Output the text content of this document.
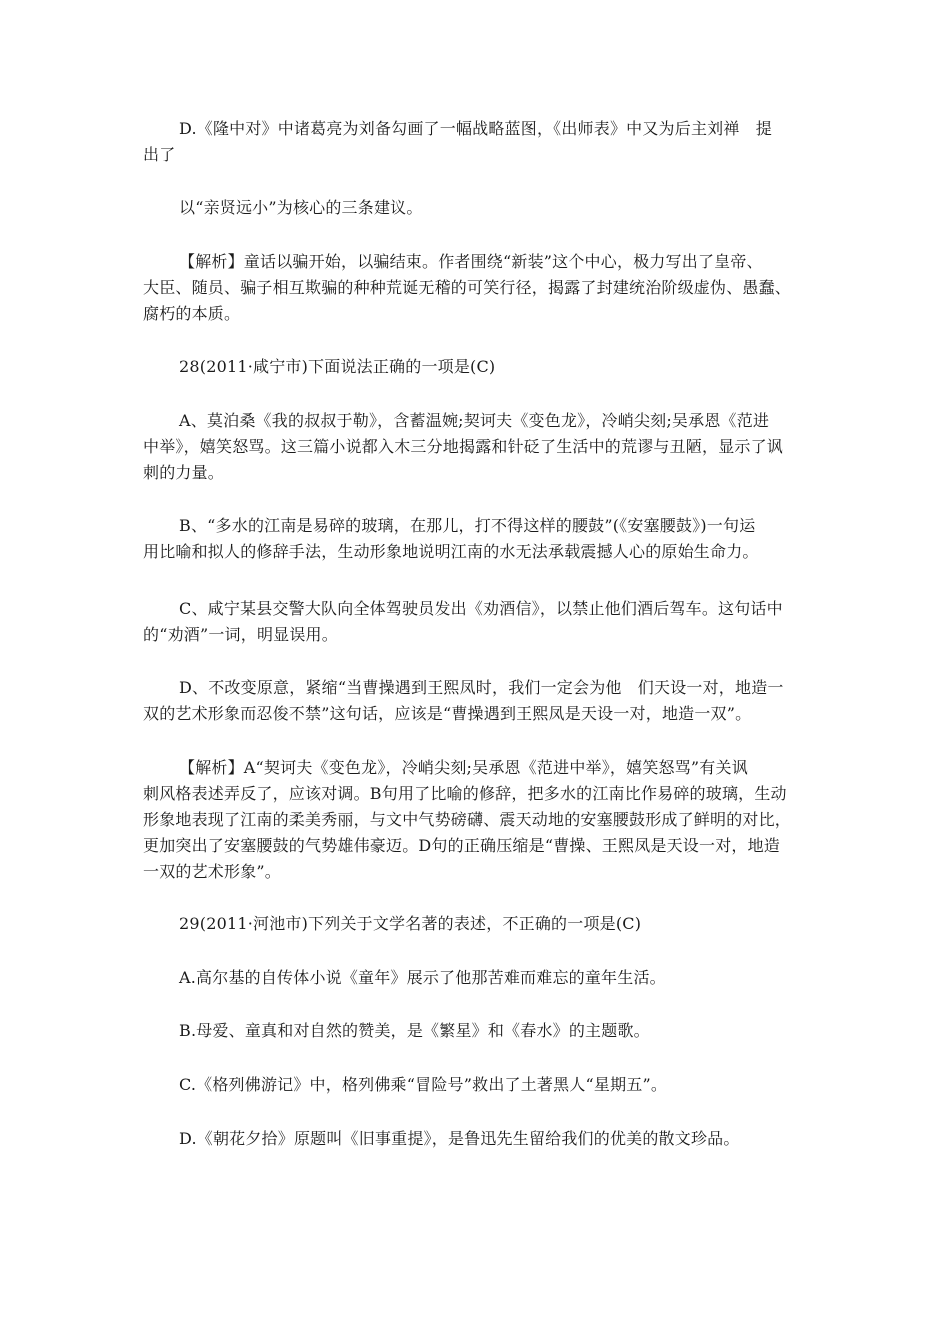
D.《隆中对》中诸葛亮为刘备勾画了一幅战略蓝图，《出师表》中又为后主刘禅　提
出了

以“亲贤远小”为核心的三条建议。

【解析】童话以骗开始，以骗结束。作者围绕“新装”这个中心，极力写出了皇帝、
大臣、随员、骗子相互欺骗的种种荒诞无稽的可笑行径，揭露了封建统治阶级虚伪、愚蠢、
腐朽的本质。

28(2011·咸宁市)下面说法正确的一项是(C)

A、莫泊桑《我的叔叔于勒》，含蓄温婉;契诃夫《变色龙》，冷峭尖刻;吴承恩《范进
中举》，嬉笑怒骂。这三篇小说都入木三分地揭露和针砭了生活中的荒谬与丑陋，显示了讽
刺的力量。

B、“多水的江南是易碎的玻璃，在那儿，打不得这样的腰鼓”(《安塞腰鼓》)一句运
用比喻和拟人的修辞手法，生动形象地说明江南的水无法承载震撼人心的原始生命力。

C、咸宁某县交警大队向全体驾驶员发出《劝酒信》，以禁止他们酒后驾车。这句话中
的“劝酒”一词，明显误用。

D、不改变原意，紧缩“当曹操遇到王熙凤时，我们一定会为他　们天设一对，地造一
双的艺术形象而忍俊不禁”这句话，应该是“曹操遇到王熙凤是天设一对，地造一双”。

【解析】A“契诃夫《变色龙》，冷峭尖刻;吴承恩《范进中举》，嬉笑怒骂”有关讽
刺风格表述弄反了，应该对调。B句用了比喻的修辞，把多水的江南比作易碎的玻璃，生动
形象地表现了江南的柔美秀丽，与文中气势磅礴、震天动地的安塞腰鼓形成了鲜明的对比，
更加突出了安塞腰鼓的气势雄伟豪迈。D句的正确压缩是“曹操、王熙凤是天设一对，地造
一双的艺术形象”。

29(2011·河池市)下列关于文学名著的表述，不正确的一项是(C)

A.高尔基的自传体小说《童年》展示了他那苦难而难忘的童年生活。

B.母爱、童真和对自然的赞美，是《繁星》和《春水》的主题歌。

C.《格列佛游记》中，格列佛乘“冒险号”救出了土著黑人“星期五”。

D.《朝花夕拾》原题叫《旧事重提》，是鲁迅先生留给我们的优美的散文珍品。
